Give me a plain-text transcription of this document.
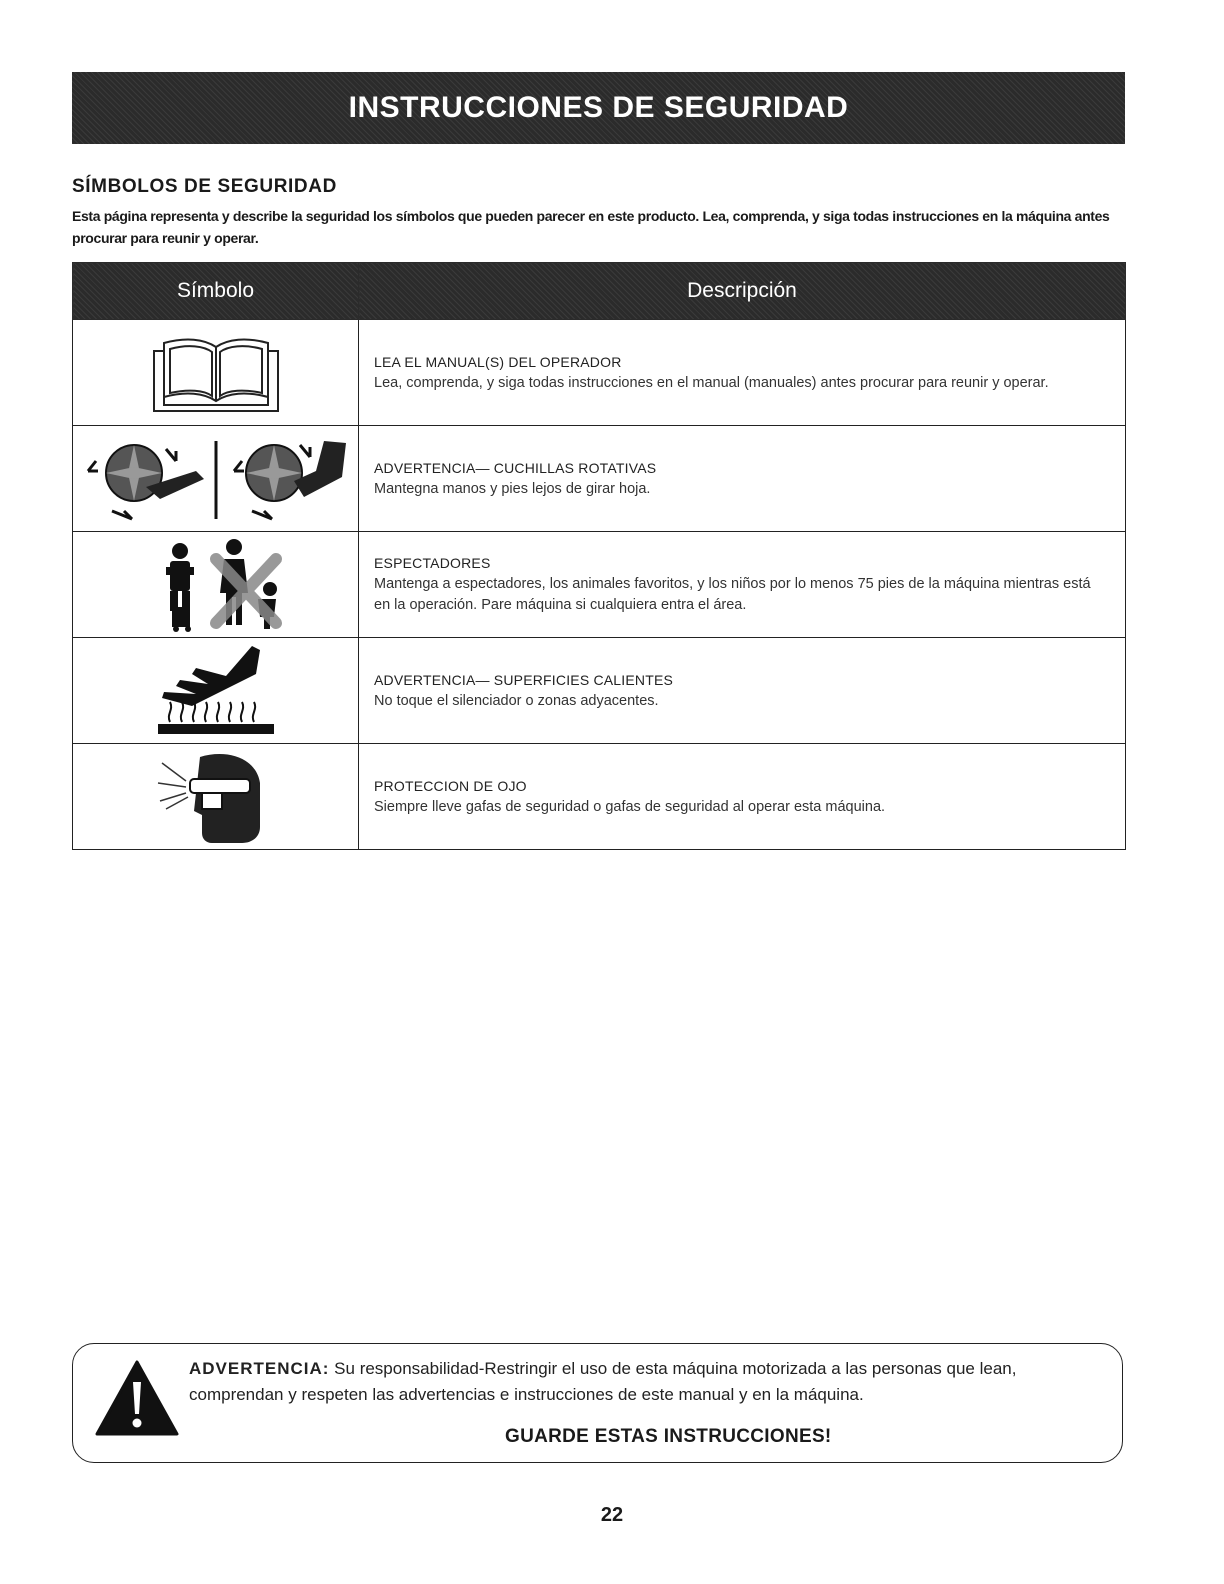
INSTRUCCIONES DE SEGURIDAD
SÍMBOLOS DE SEGURIDAD

Esta página representa y describe la seguridad los símbolos que pueden parecer en este producto. Lea, comprenda, y siga todas instrucciones en la máquina antes procurar para reunir y operar.

Símbolo	Descripción

LEA EL MANUAL(S) DEL OPERADOR
Lea, comprenda, y siga todas instrucciones en el manual (manuales) antes procurar para reunir y operar.

ADVERTENCIA— CUCHILLAS ROTATIVAS
Mantegna manos y pies lejos de girar hoja.

ESPECTADORES
Mantenga a espectadores, los animales favoritos, y los niños por lo menos 75 pies de la máquina mientras está en la operación. Pare máquina si cualquiera entra el área.

ADVERTENCIA— SUPERFICIES CALIENTES
No toque el silenciador o zonas adyacentes.

PROTECCION DE OJO
Siempre lleve gafas de seguridad o gafas de seguridad al operar esta máquina.
ADVERTENCIA: Su responsabilidad-Restringir el uso de esta máquina motorizada a las personas que lean, comprendan y respeten las advertencias e instrucciones de este manual y en la máquina.
GUARDE ESTAS INSTRUCCIONES!
22
